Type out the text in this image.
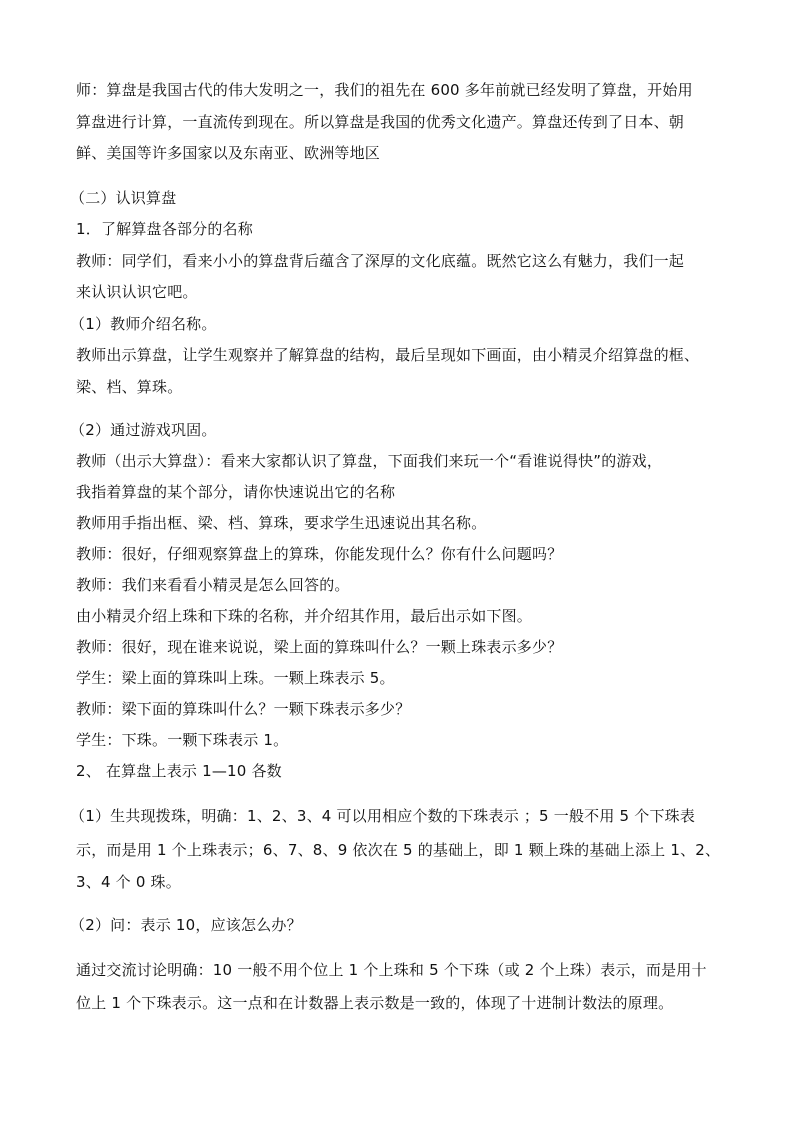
师：算盘是我国古代的伟大发明之一，我们的祖先在 600 多年前就已经发明了算盘，开始用
算盘进行计算，一直流传到现在。所以算盘是我国的优秀文化遗产。算盘还传到了日本、朝
鲜、美国等许多国家以及东南亚、欧洲等地区
（二）认识算盘
1．了解算盘各部分的名称
教师：同学们，看来小小的算盘背后蕴含了深厚的文化底蕴。既然它这么有魅力，我们一起
来认识认识它吧。
（1）教师介绍名称。
教师出示算盘，让学生观察并了解算盘的结构，最后呈现如下画面，由小精灵介绍算盘的框、
梁、档、算珠。
（2）通过游戏巩固。
教师（出示大算盘）：看来大家都认识了算盘，下面我们来玩一个“看谁说得快”的游戏，
我指着算盘的某个部分，请你快速说出它的名称
教师用手指出框、梁、档、算珠，要求学生迅速说出其名称。
教师：很好，仔细观察算盘上的算珠，你能发现什么？你有什么问题吗？
教师：我们来看看小精灵是怎么回答的。
由小精灵介绍上珠和下珠的名称，并介绍其作用，最后出示如下图。
教师：很好，现在谁来说说，梁上面的算珠叫什么？一颗上珠表示多少？
学生：梁上面的算珠叫上珠。一颗上珠表示 5。
教师：梁下面的算珠叫什么？一颗下珠表示多少？
学生：下珠。一颗下珠表示 1。
2、 在算盘上表示 1—10 各数
（1）生共现拨珠，明确：1、2、3、4 可以用相应个数的下珠表示 ；5 一般不用 5 个下珠表
示，而是用 1 个上珠表示；6、7、8、9 依次在 5 的基础上，即 1 颗上珠的基础上添上 1、2、
3、4 个 0 珠。
（2）问：表示 10，应该怎么办？
通过交流讨论明确：10 一般不用个位上 1 个上珠和 5 个下珠（或 2 个上珠）表示，而是用十
位上 1 个下珠表示。这一点和在计数器上表示数是一致的，体现了十进制计数法的原理。
